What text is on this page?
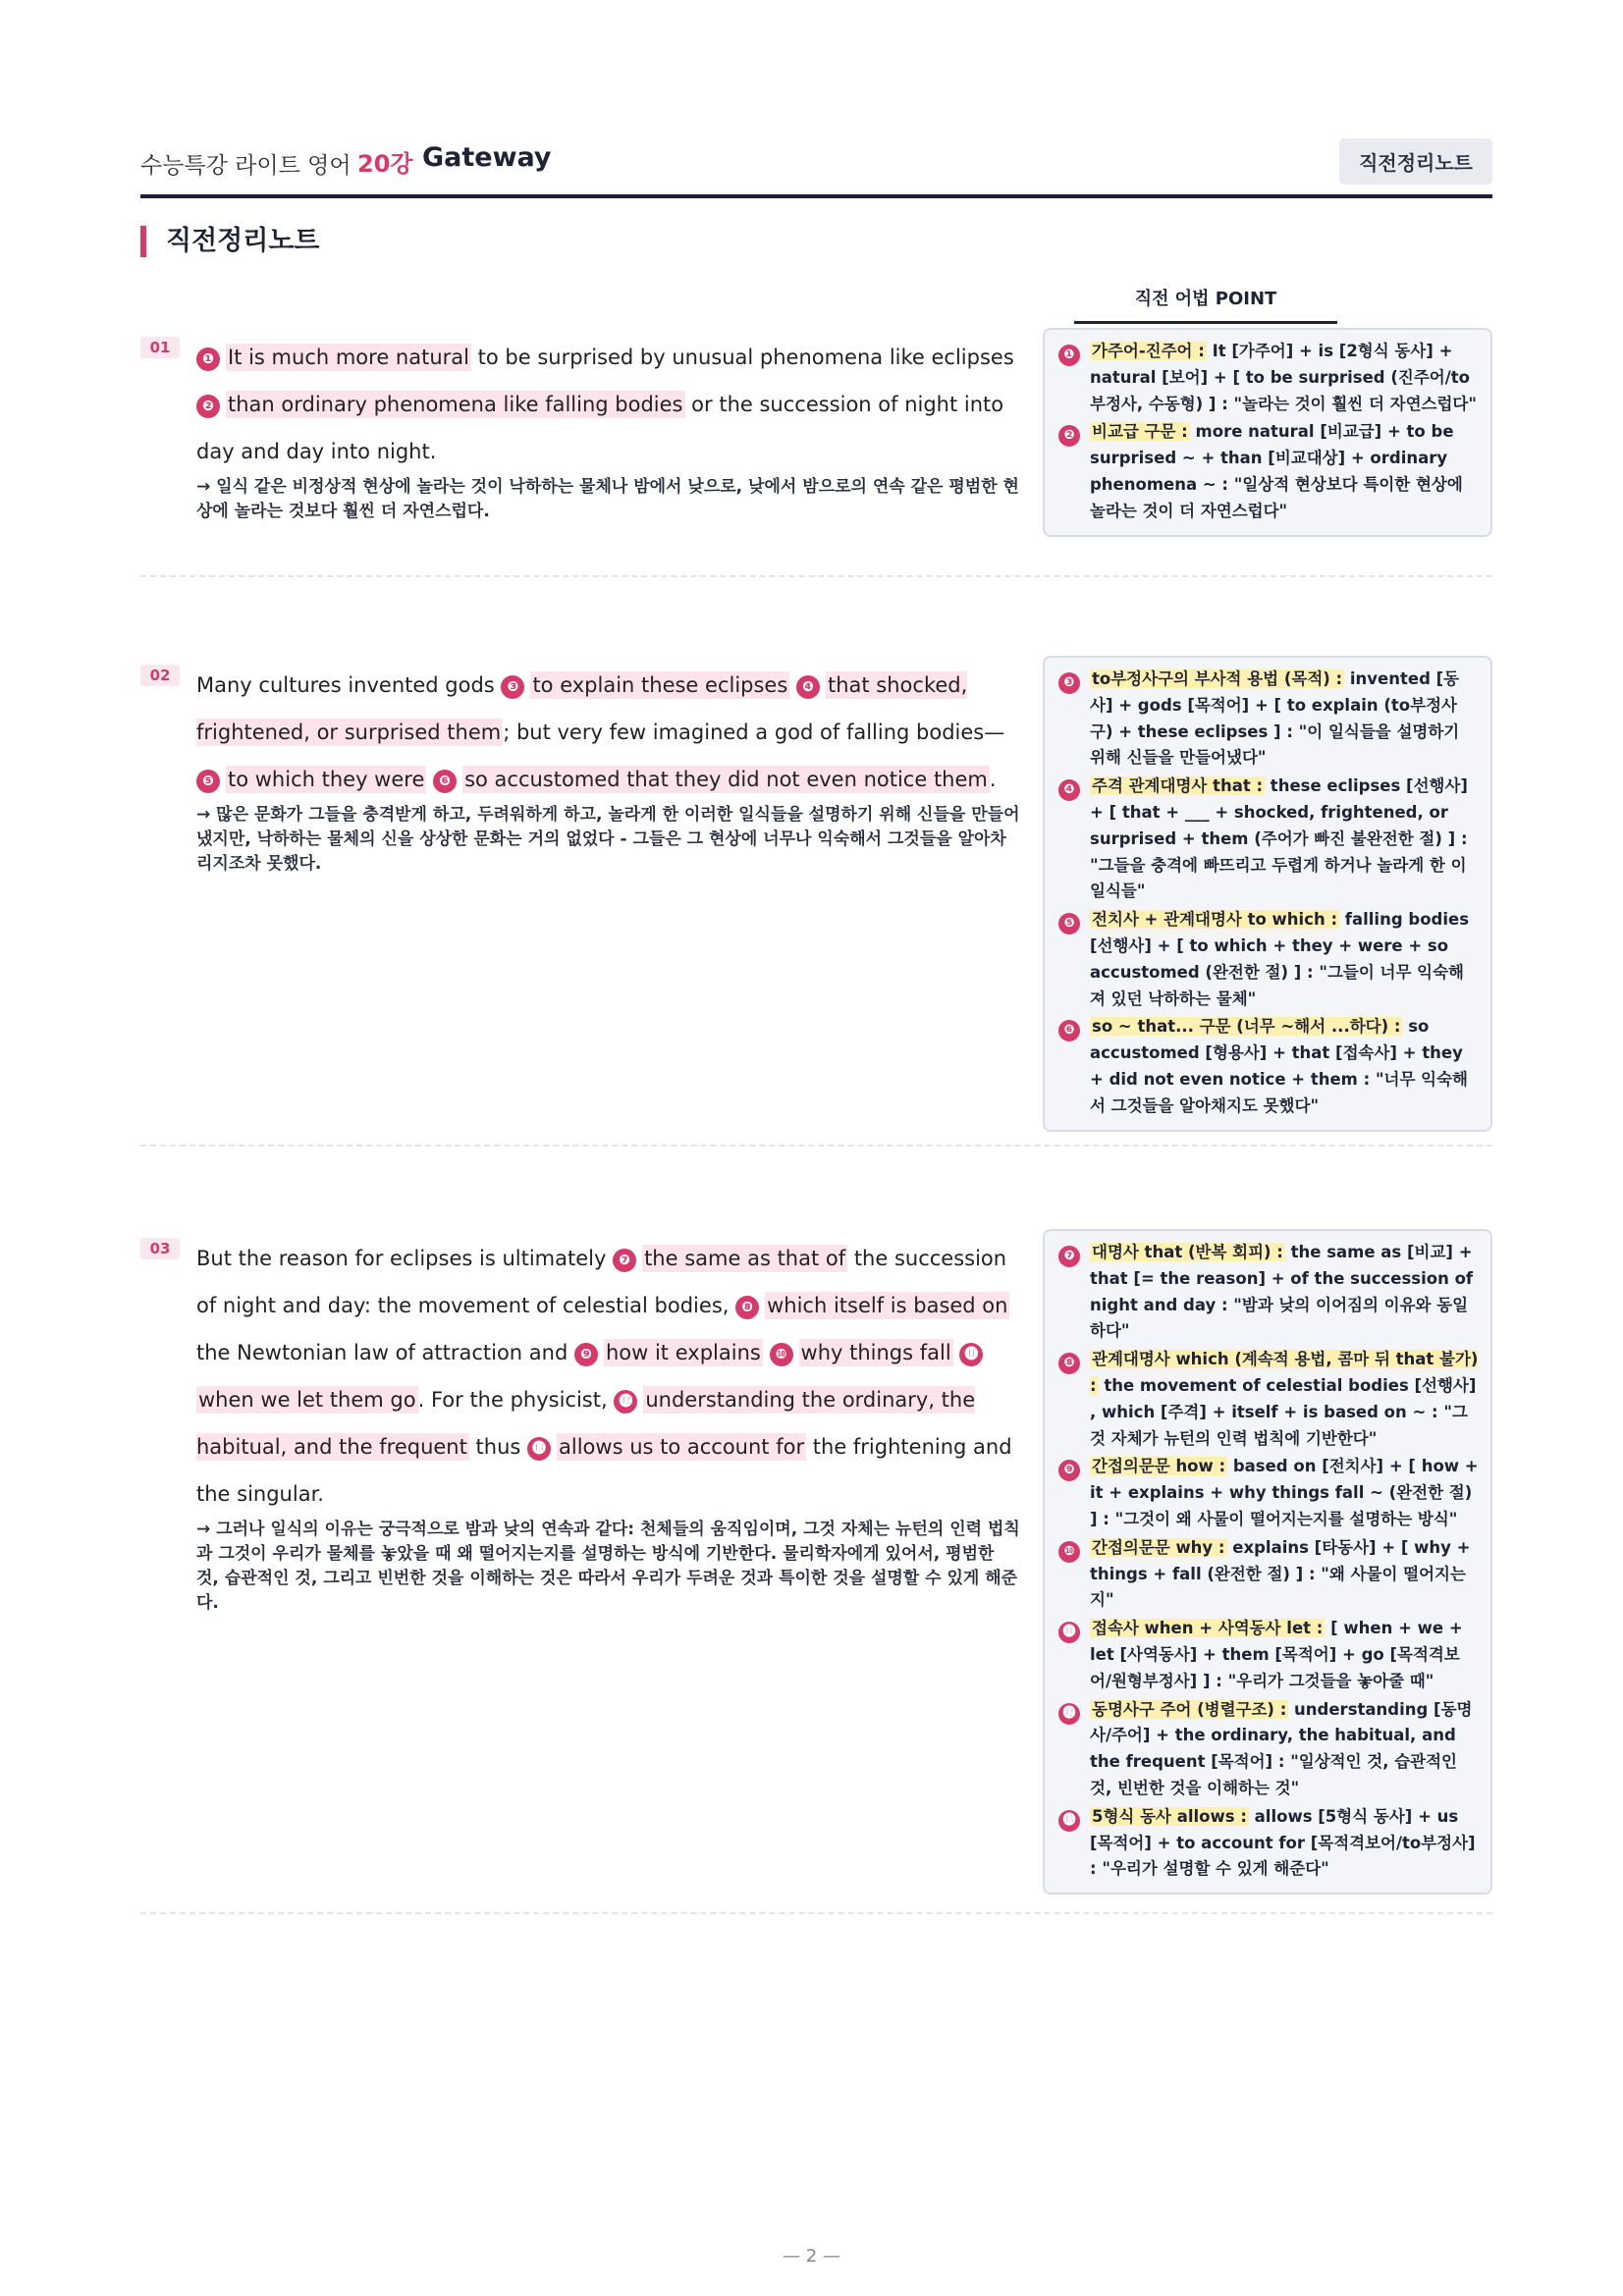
수능특강 라이트 영어 20강 Gateway	직전정리노트
직전정리노트
직전 어법 POINT
01

❶ It is much more natural to be surprised by unusual phenomena like eclipses ❷ than ordinary phenomena like falling bodies or the succession of night into day and day into night.

→ 일식 같은 비정상적 현상에 놀라는 것이 낙하하는 물체나 밤에서 낮으로, 낮에서 밤으로의 연속 같은 평범한 현상에 놀라는 것보다 훨씬 더 자연스럽다.

❶	가주어-진주어 : It [가주어] + is [2형식 동사] + natural [보어] + [ to be surprised (진주어/to부정사, 수동형) ] : "놀라는 것이 훨씬 더 자연스럽다"
❷	비교급 구문 : more natural [비교급] + to be surprised ~ + than [비교대상] + ordinary phenomena ~ : "일상적 현상보다 특이한 현상에 놀라는 것이 더 자연스럽다"
02	Many cultures invented gods ❸ to explain these eclipses ❹ that shocked, frightened, or surprised them; but very few imagined a god of falling bodies—❺ to which they were ❻ so accustomed that they did not even notice them.

→ 많은 문화가 그들을 충격받게 하고, 두려워하게 하고, 놀라게 한 이러한 일식들을 설명하기 위해 신들을 만들어냈지만, 낙하하는 물체의 신을 상상한 문화는 거의 없었다 - 그들은 그 현상에 너무나 익숙해서 그것들을 알아차리지조차 못했다.

❸	to부정사구의 부사적 용법 (목적) : invented [동사] + gods [목적어] + [ to explain (to부정사구) + these eclipses ] : "이 일식들을 설명하기 위해 신들을 만들어냈다"
❹	주격 관계대명사 that : these eclipses [선행사] + [ that + ___ + shocked, frightened, or surprised + them (주어가 빠진 불완전한 절) ] : "그들을 충격에 빠뜨리고 두렵게 하거나 놀라게 한 이 일식들"
❺	전치사 + 관계대명사 to which : falling bodies [선행사] + [ to which + they + were + so accustomed (완전한 절) ] : "그들이 너무 익숙해져 있던 낙하하는 물체"
❻	so ~ that... 구문 (너무 ~해서 ...하다) : so accustomed [형용사] + that [접속사] + they + did not even notice + them : "너무 익숙해서 그것들을 알아채지도 못했다"
03	But the reason for eclipses is ultimately ❼ the same as that of the succession of night and day: the movement of celestial bodies, ❽ which itself is based on the Newtonian law of attraction and ❾ how it explains ❿ why things fall ⓫when we let them go. For the physicist, ⓬ understanding the ordinary, the habitual, and the frequent thus ⓭ allows us to account for the frightening and the singular.

→ 그러나 일식의 이유는 궁극적으로 밤과 낮의 연속과 같다: 천체들의 움직임이며, 그것 자체는 뉴턴의 인력 법칙과 그것이 우리가 물체를 놓았을 때 왜 떨어지는지를 설명하는 방식에 기반한다. 물리학자에게 있어서, 평범한 것, 습관적인 것, 그리고 빈번한 것을 이해하는 것은 따라서 우리가 두려운 것과 특이한 것을 설명할 수 있게 해준다.

❼	대명사 that (반복 회피) : the same as [비교] + that [= the reason] + of the succession of night and day : "밤과 낮의 이어짐의 이유와 동일하다"
❽	관계대명사 which (계속적 용법, 콤마 뒤 that 불가) : the movement of celestial bodies [선행사] , which [주격] + itself + is based on ~ : "그것 자체가 뉴턴의 인력 법칙에 기반한다"
❾	간접의문문 how : based on [전치사] + [ how + it + explains + why things fall ~ (완전한 절) ] : "그것이 왜 사물이 떨어지는지를 설명하는 방식"
❿	간접의문문 why : explains [타동사] + [ why + things + fall (완전한 절) ] : "왜 사물이 떨어지는지"
⓫ 접속사 when + 사역동사 let : [ when + we + let [사역동사] + them [목적어] + go [목적격보어/원형부정사] ] : "우리가 그것들을 놓아줄 때"
⓬ 동명사구 주어 (병렬구조) : understanding [동명사/주어] + the ordinary, the habitual, and the frequent [목적어] : "일상적인 것, 습관적인 것, 빈번한 것을 이해하는 것"
⓭ 5형식 동사 allows : allows [5형식 동사] + us [목적어] + to account for [목적격보어/to부정사] : "우리가 설명할 수 있게 해준다"
— 2 —
